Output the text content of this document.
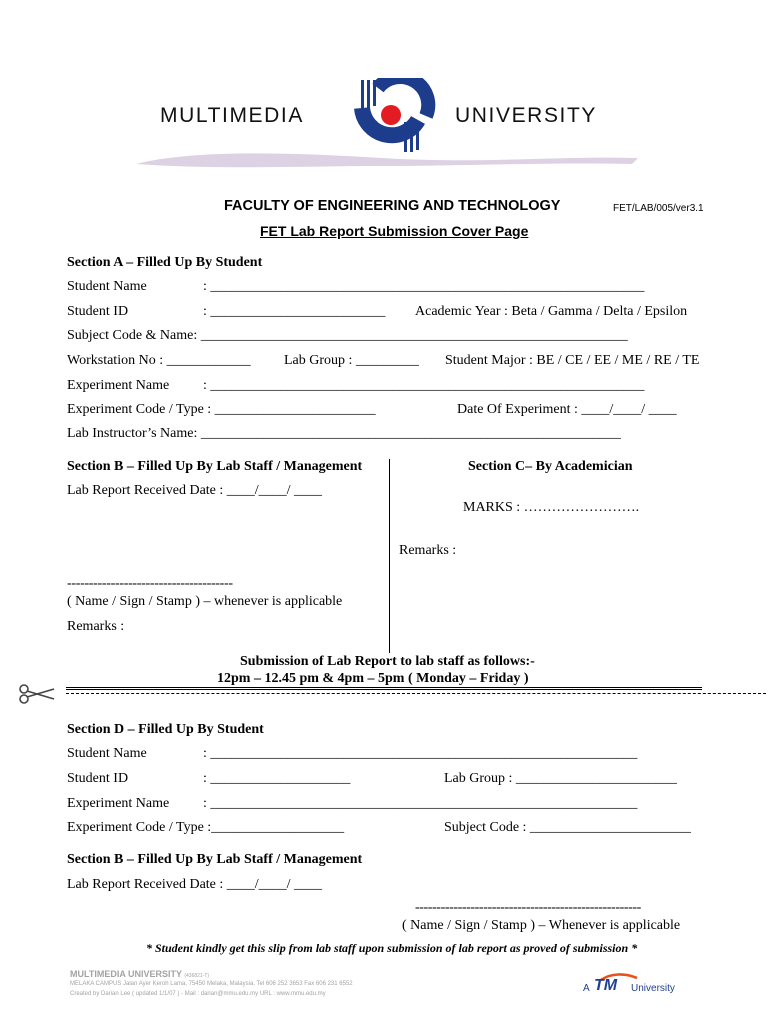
MULTIMEDIA	UNIVERSITY
FACULTY OF ENGINEERING AND TECHNOLOGY	FET/LAB/005/ver3.1
FET Lab Report Submission Cover Page
Section A – Filled Up By Student
Student Name	: ______________________________________________________________
Student ID	: _________________________ Academic Year : Beta / Gamma / Delta / Epsilon
Subject Code & Name: _____________________________________________________________
Workstation No : ____________ Lab Group : _________ Student Major : BE / CE / EE / ME / RE / TE
Experiment Name : ______________________________________________________________
Experiment Code / Type : _______________________	Date Of Experiment : ____/____/ ____
Lab Instructor’s Name: ____________________________________________________________
Section B – Filled Up By Lab Staff / Management	Section C– By Academician
Lab Report Received Date : ____/____/ ____
MARKS : …………………….
Remarks :
--------------------------------------
( Name / Sign / Stamp ) – whenever is applicable
Remarks :
Submission of Lab Report to lab staff as follows:-
12pm – 12.45 pm & 4pm – 5pm ( Monday – Friday )
Section D – Filled Up By Student
Student Name	: _____________________________________________________________
Student ID	: ____________________	Lab Group : _______________________
Experiment Name : _____________________________________________________________
Experiment Code / Type :___________________	Subject Code : _______________________
Section B – Filled Up By Lab Staff / Management
Lab Report Received Date : ____/____/ ____
-----------------------------------------------------
( Name / Sign / Stamp ) – Whenever is applicable
* Student kindly get this slip from lab staff upon submission of lab report as proved of submission *
MULTIMEDIA UNIVERSITY (436821-T)
MELAKA CAMPUS Jalan Ayer Keroh Lama, 75450 Melaka, Malaysia. Tel 606 252 3653 Fax 606 231 6552
Created by Darian Lee ( updated 1/1/07 ) - Mail : darian@mmu.edu.my URL : www.mmu.edu.my	A TM University
